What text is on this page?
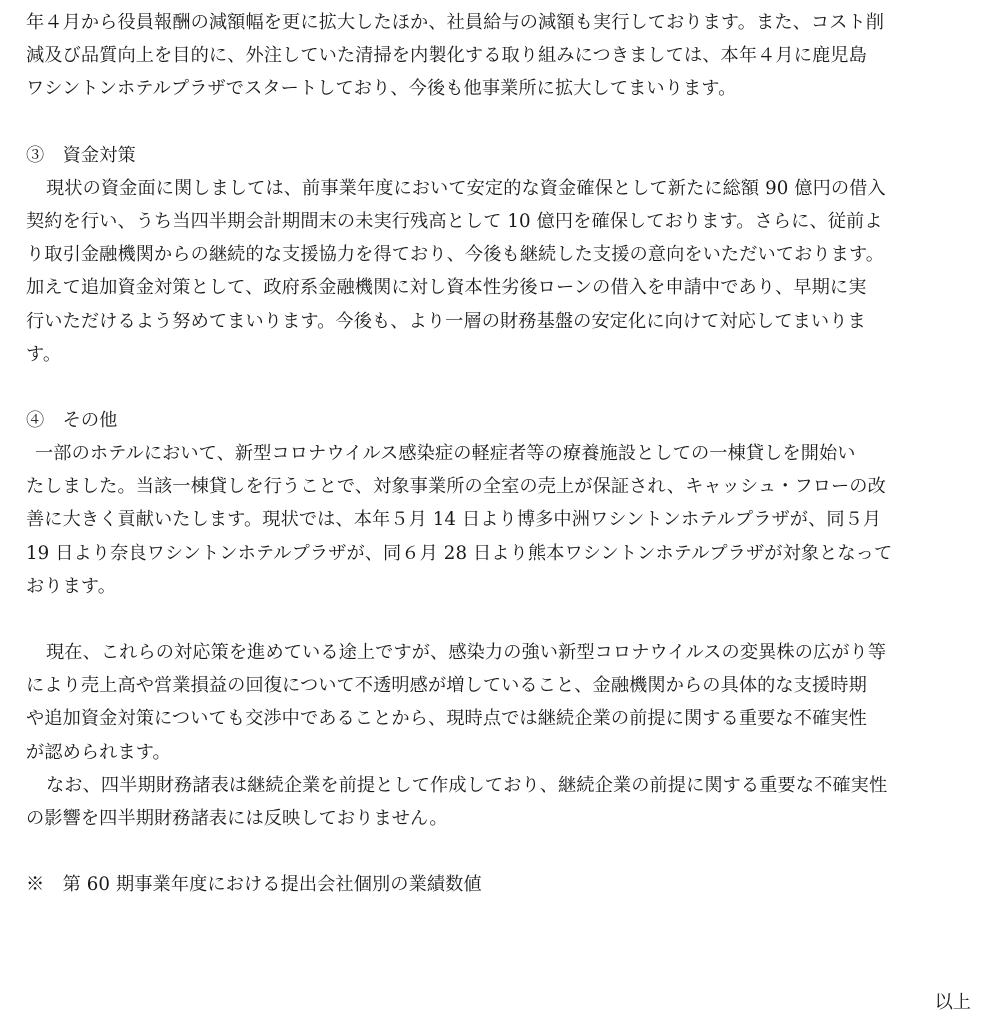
年４月から役員報酬の減額幅を更に拡大したほか、社員給与の減額も実行しております。また、コスト削
減及び品質向上を目的に、外注していた清掃を内製化する取り組みにつきましては、本年４月に鹿児島
ワシントンホテルプラザでスタートしており、今後も他事業所に拡大してまいります。
③　資金対策
現状の資金面に関しましては、前事業年度において安定的な資金確保として新たに総額 90 億円の借入
契約を行い、うち当四半期会計期間末の未実行残高として 10 億円を確保しております。さらに、従前よ
り取引金融機関からの継続的な支援協力を得ており、今後も継続した支援の意向をいただいております。
加えて追加資金対策として、政府系金融機関に対し資本性劣後ローンの借入を申請中であり、早期に実
行いただけるよう努めてまいります。今後も、より一層の財務基盤の安定化に向けて対応してまいりま
す。
④　その他
一部のホテルにおいて、新型コロナウイルス感染症の軽症者等の療養施設としての一棟貸しを開始い
たしました。当該一棟貸しを行うことで、対象事業所の全室の売上が保証され、キャッシュ・フローの改
善に大きく貢献いたします。現状では、本年５月 14 日より博多中洲ワシントンホテルプラザが、同５月
19 日より奈良ワシントンホテルプラザが、同６月 28 日より熊本ワシントンホテルプラザが対象となって
おります。
現在、これらの対応策を進めている途上ですが、感染力の強い新型コロナウイルスの変異株の広がり等
により売上高や営業損益の回復について不透明感が増していること、金融機関からの具体的な支援時期
や追加資金対策についても交渉中であることから、現時点では継続企業の前提に関する重要な不確実性
が認められます。
なお、四半期財務諸表は継続企業を前提として作成しており、継続企業の前提に関する重要な不確実性
の影響を四半期財務諸表には反映しておりません。
※　第 60 期事業年度における提出会社個別の業績数値
以上
